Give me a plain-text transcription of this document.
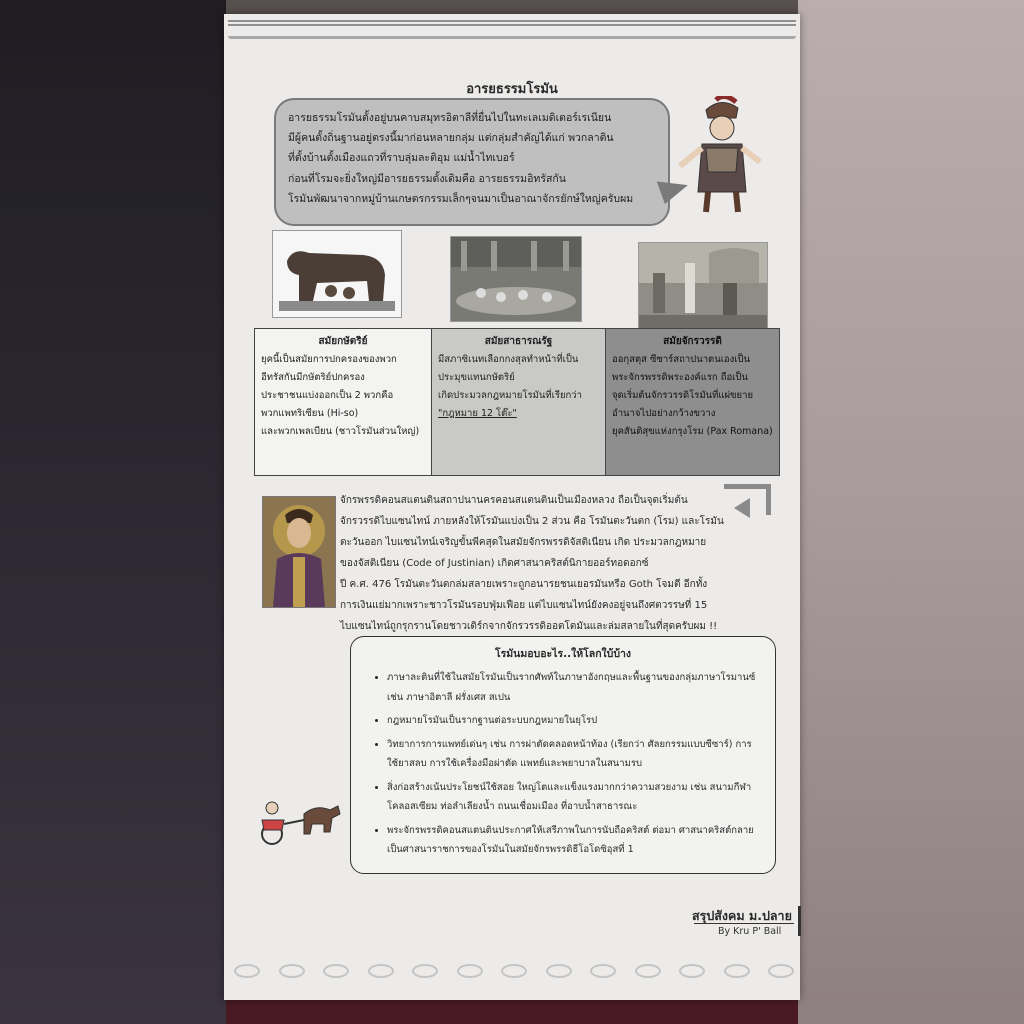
อารยธรรมโรมัน

อารยธรรมโรมันตั้งอยู่บนคาบสมุทรอิตาลีที่ยื่นไปในทะเลเมดิเตอร์เรเนียน

มีผู้คนตั้งถิ่นฐานอยู่ตรงนี้มาก่อนหลายกลุ่ม แต่กลุ่มสำคัญได้แก่ พวกลาติน

ที่ตั้งบ้านตั้งเมืองแถวที่ราบลุ่มละติอุม แม่น้ำไทเบอร์

ก่อนที่โรมจะยิ่งใหญ่มีอารยธรรมดั้งเดิมคือ อารยธรรมอิทรัสกัน

โรมันพัฒนาจากหมู่บ้านเกษตรกรรมเล็กๆจนมาเป็นอาณาจักรยักษ์ใหญ่ครับผม

สมัยกษัตริย์
ยุคนี้เป็นสมัยการปกครองของพวก
อีทรัสกันมีกษัตริย์ปกครอง
ประชาชนแบ่งออกเป็น 2 พวกคือ
พวกแพทริเซียน (Hi-so)
และพวกเพลเบียน (ชาวโรมันส่วนใหญ่)
สมัยสาธารณรัฐ
มีสภาซิเนทเลือกกงสุลทำหน้าที่เป็น
ประมุขแทนกษัตริย์
เกิดประมวลกฎหมายโรมันที่เรียกว่า
"กฎหมาย 12 โต๊ะ"
สมัยจักรวรรดิ
ออกุสตุส ซีซาร์สถาปนาตนเองเป็น
พระจักรพรรดิพระองค์แรก ถือเป็น
จุดเริ่มต้นจักรวรรดิโรมันที่แผ่ขยาย
อำนาจไปอย่างกว้างขวาง
ยุคสันติสุขแห่งกรุงโรม (Pax Romana)

จักรพรรดิคอนสแตนตินสถาปนานครคอนสแตนตินเป็นเมืองหลวง ถือเป็นจุดเริ่มต้น

จักรวรรดิไบแซนไทน์ ภายหลังให้โรมันแบ่งเป็น 2 ส่วน คือ โรมันตะวันตก (โรม) และโรมัน

ตะวันออก ไบแซนไทน์เจริญขั้นพีคสุดในสมัยจักรพรรดิจัสติเนียน เกิด ประมวลกฎหมาย

ของจัสติเนียน (Code of Justinian) เกิดศาสนาคริสต์นิกายออร์ทอดอกซ์

ปี ค.ศ. 476 โรมันตะวันตกล่มสลายเพราะถูกอนารยชนเยอรมันหรือ Goth โจมตี อีกทั้ง

การเงินแย่มากเพราะชาวโรมันรอบฟุ่มเฟือย แต่ไบแซนไทน์ยังคงอยู่จนถึงศตวรรษที่ 15

ไบแซนไทน์ถูกรุกรานโดยชาวเติร์กจากจักรวรรดิออตโตมันและล่มสลายในที่สุดครับผม !!

โรมันมอบอะไร..ให้โลกใบ้บ้าง
• ภาษาละตินที่ใช้ในสมัยโรมันเป็นรากศัพท์ในภาษาอังกฤษและพื้นฐานของกลุ่มภาษาโรมานซ์ เช่น ภาษาอิตาลี ฝรั่งเศส สเปน
• กฎหมายโรมันเป็นรากฐานต่อระบบกฎหมายในยุโรป
• วิทยาการการแพทย์เด่นๆ เช่น การผ่าตัดคลอดหน้าท้อง (เรียกว่า ศัลยกรรมแบบซีซาร์) การใช้ยาสลบ การใช้เครื่องมือผ่าตัด แพทย์และพยาบาลในสนามรบ
• สิ่งก่อสร้างเน้นประโยชน์ใช้สอย ใหญ่โตและแข็งแรงมากกว่าความสวยงาม เช่น สนามกีฬาโคลอสเซียม ท่อลำเลียงน้ำ ถนนเชื่อมเมือง ที่อาบน้ำสาธารณะ
• พระจักรพรรดิคอนสแตนตินประกาศให้เสรีภาพในการนับถือคริสต์ ต่อมา ศาสนาคริสต์กลายเป็นศาสนาราชการของโรมันในสมัยจักรพรรดิธีโอโดซิอุสที่ 1
สรุปสังคม ม.ปลาย
By Kru P' Ball
